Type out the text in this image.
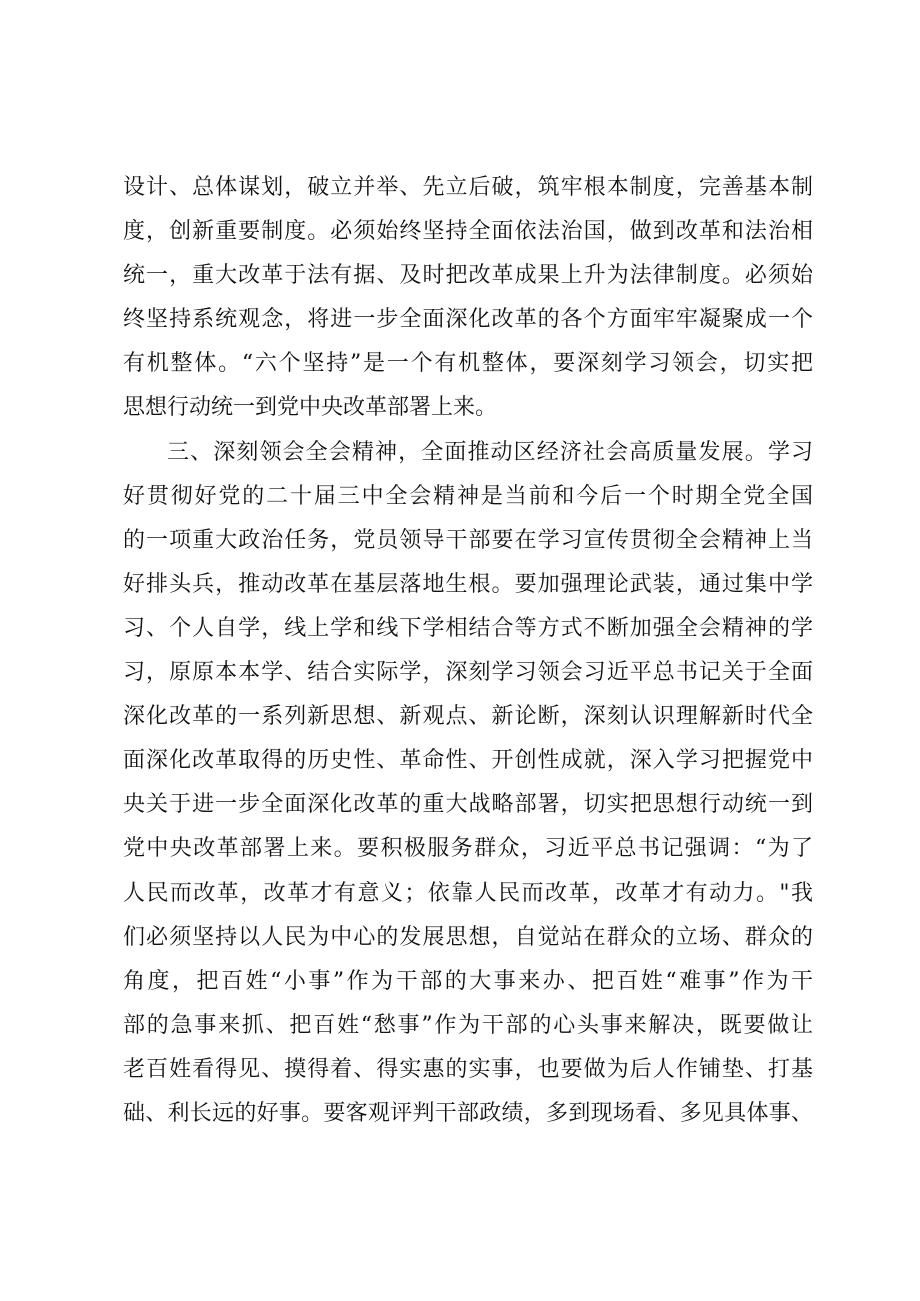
设计、总体谋划，破立并举、先立后破，筑牢根本制度，完善基本制
度，创新重要制度。必须始终坚持全面依法治国，做到改革和法治相
统一，重大改革于法有据、及时把改革成果上升为法律制度。必须始
终坚持系统观念，将进一步全面深化改革的各个方面牢牢凝聚成一个
有机整体。“六个坚持”是一个有机整体，要深刻学习领会，切实把
思想行动统一到党中央改革部署上来。
三、深刻领会全会精神，全面推动区经济社会高质量发展。学习
好贯彻好党的二十届三中全会精神是当前和今后一个时期全党全国
的一项重大政治任务，党员领导干部要在学习宣传贯彻全会精神上当
好排头兵，推动改革在基层落地生根。要加强理论武装，通过集中学
习、个人自学，线上学和线下学相结合等方式不断加强全会精神的学
习，原原本本学、结合实际学，深刻学习领会习近平总书记关于全面
深化改革的一系列新思想、新观点、新论断，深刻认识理解新时代全
面深化改革取得的历史性、革命性、开创性成就，深入学习把握党中
央关于进一步全面深化改革的重大战略部署，切实把思想行动统一到
党中央改革部署上来。要积极服务群众，习近平总书记强调：“为了
人民而改革，改革才有意义；依靠人民而改革，改革才有动力。"我
们必须坚持以人民为中心的发展思想，自觉站在群众的立场、群众的
角度，把百姓“小事”作为干部的大事来办、把百姓“难事”作为干
部的急事来抓、把百姓“愁事”作为干部的心头事来解决，既要做让
老百姓看得见、摸得着、得实惠的实事，也要做为后人作铺垫、打基
础、利长远的好事。要客观评判干部政绩，多到现场看、多见具体事、
